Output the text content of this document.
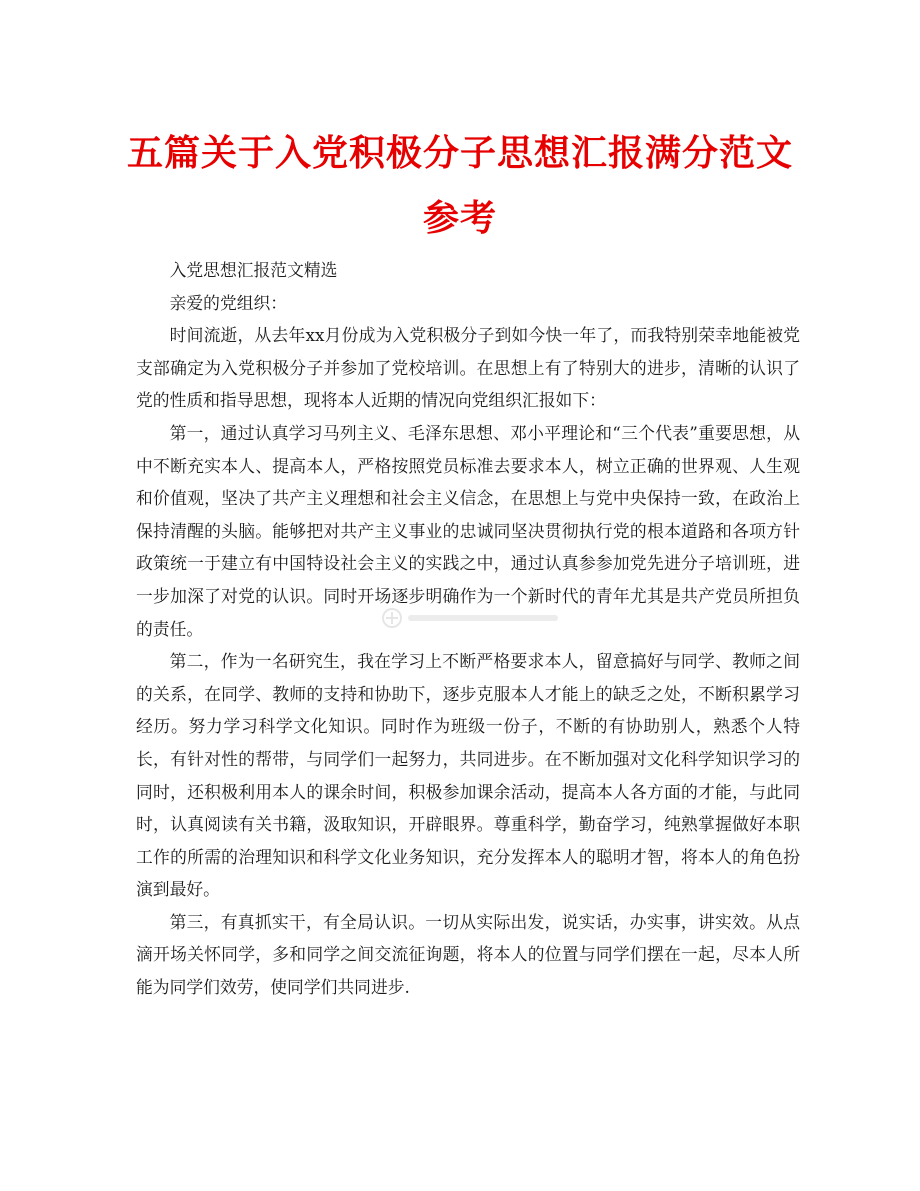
五篇关于入党积极分子思想汇报满分范文
参考

入党思想汇报范文精选

亲爱的党组织：

时间流逝，从去年xx月份成为入党积极分子到如今快一年了，而我特别荣幸地能被党支部确定为入党积极分子并参加了党校培训。在思想上有了特别大的进步，清晰的认识了党的性质和指导思想，现将本人近期的情况向党组织汇报如下：

第一，通过认真学习马列主义、毛泽东思想、邓小平理论和“三个代表”重要思想，从中不断充实本人、提高本人，严格按照党员标准去要求本人，树立正确的世界观、人生观和价值观，坚决了共产主义理想和社会主义信念，在思想上与党中央保持一致，在政治上保持清醒的头脑。能够把对共产主义事业的忠诚同坚决贯彻执行党的根本道路和各项方针政策统一于建立有中国特设社会主义的实践之中，通过认真参参加党先进分子培训班，进一步加深了对党的认识。同时开场逐步明确作为一个新时代的青年尤其是共产党员所担负的责任。

第二，作为一名研究生，我在学习上不断严格要求本人，留意搞好与同学、教师之间的关系，在同学、教师的支持和协助下，逐步克服本人才能上的缺乏之处，不断积累学习经历。努力学习科学文化知识。同时作为班级一份子，不断的有协助别人，熟悉个人特长，有针对性的帮带，与同学们一起努力，共同进步。在不断加强对文化科学知识学习的同时，还积极利用本人的课余时间，积极参加课余活动，提高本人各方面的才能，与此同时，认真阅读有关书籍，汲取知识，开辟眼界。尊重科学，勤奋学习，纯熟掌握做好本职工作的所需的治理知识和科学文化业务知识，充分发挥本人的聪明才智，将本人的角色扮演到最好。

第三，有真抓实干，有全局认识。一切从实际出发，说实话，办实事，讲实效。从点滴开场关怀同学，多和同学之间交流征询题，将本人的位置与同学们摆在一起，尽本人所能为同学们效劳，使同学们共同进步.
